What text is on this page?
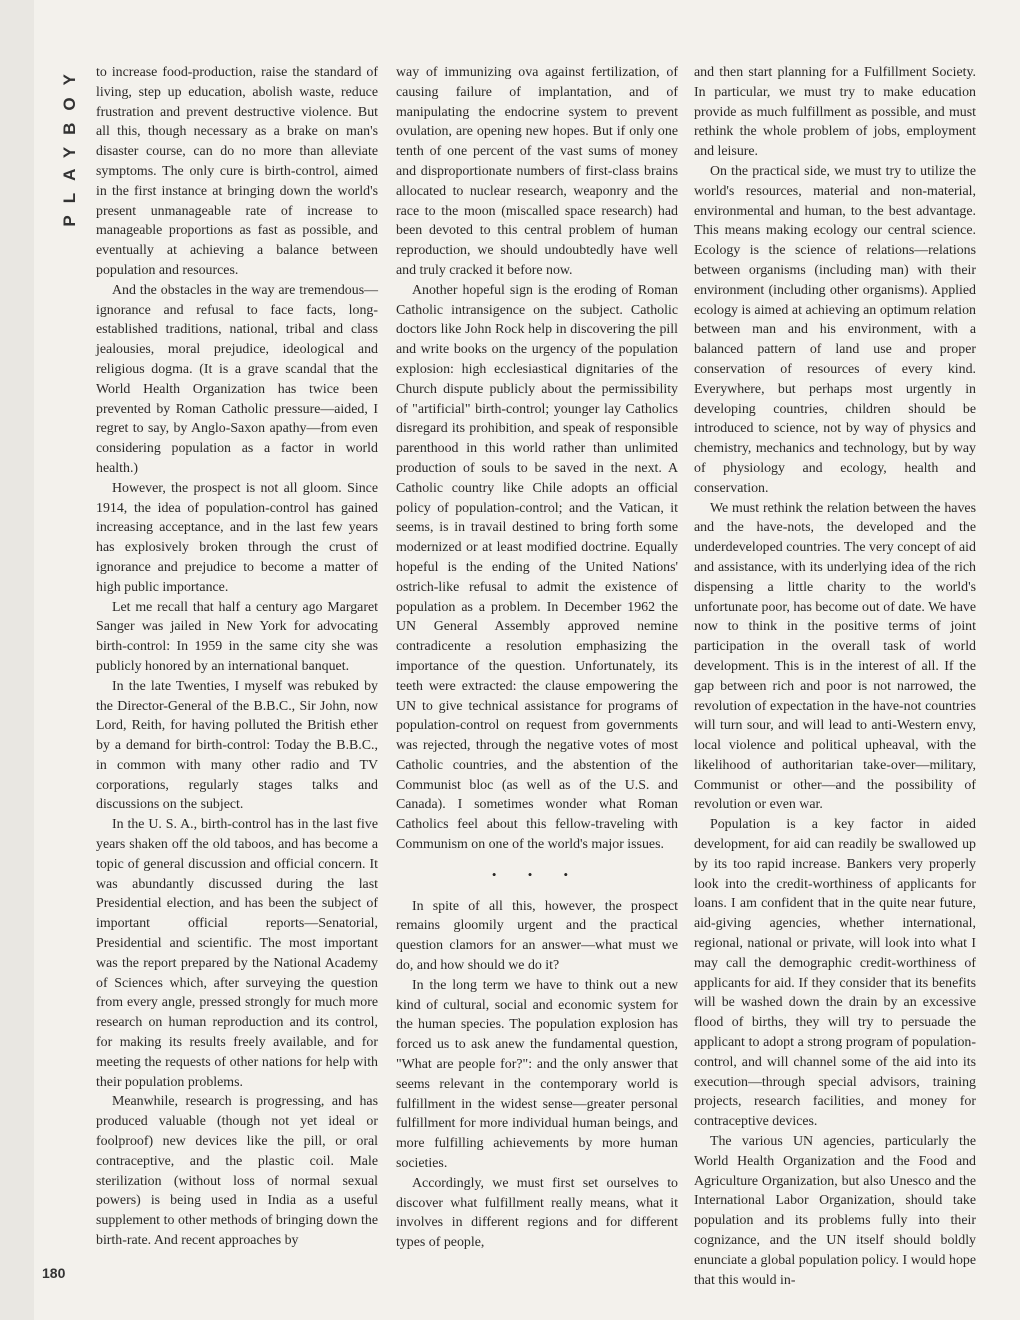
PLAYBOY to increase food-production, raise the standard of living, step up education, abolish waste, reduce frustration and prevent destructive violence. But all this, though necessary as a brake on man's disaster course, can do no more than alleviate symptoms. The only cure is birth-control, aimed in the first instance at bringing down the world's present unmanageable rate of increase to manageable proportions as fast as possible, and eventually at achieving a balance between population and resources.

And the obstacles in the way are tremendous—ignorance and refusal to face facts, long-established traditions, national, tribal and class jealousies, moral prejudice, ideological and religious dogma. (It is a grave scandal that the World Health Organization has twice been prevented by Roman Catholic pressure—aided, I regret to say, by Anglo-Saxon apathy—from even considering population as a factor in world health.)

However, the prospect is not all gloom. Since 1914, the idea of population-control has gained increasing acceptance, and in the last few years has explosively broken through the crust of ignorance and prejudice to become a matter of high public importance.

Let me recall that half a century ago Margaret Sanger was jailed in New York for advocating birth-control: In 1959 in the same city she was publicly honored by an international banquet.

In the late Twenties, I myself was rebuked by the Director-General of the B.B.C., Sir John, now Lord, Reith, for having polluted the British ether by a demand for birth-control: Today the B.B.C., in common with many other radio and TV corporations, regularly stages talks and discussions on the subject.

In the U. S. A., birth-control has in the last five years shaken off the old taboos, and has become a topic of general discussion and official concern. It was abundantly discussed during the last Presidential election, and has been the subject of important official reports—Senatorial, Presidential and scientific. The most important was the report prepared by the National Academy of Sciences which, after surveying the question from every angle, pressed strongly for much more research on human reproduction and its control, for making its results freely available, and for meeting the requests of other nations for help with their population problems.

Meanwhile, research is progressing, and has produced valuable (though not yet ideal or foolproof) new devices like the pill, or oral contraceptive, and the plastic coil. Male sterilization (without loss of normal sexual powers) is being used in India as a useful supplement to other methods of bringing down the birth-rate. And recent approaches by

way of immunizing ova against fertilization, of causing failure of implantation, and of manipulating the endocrine system to prevent ovulation, are opening new hopes. But if only one tenth of one percent of the vast sums of money and disproportionate numbers of first-class brains allocated to nuclear research, weaponry and the race to the moon (miscalled space research) had been devoted to this central problem of human reproduction, we should undoubtedly have well and truly cracked it before now.

Another hopeful sign is the eroding of Roman Catholic intransigence on the subject. Catholic doctors like John Rock help in discovering the pill and write books on the urgency of the population explosion: high ecclesiastical dignitaries of the Church dispute publicly about the permissibility of "artificial" birth-control; younger lay Catholics disregard its prohibition, and speak of responsible parenthood in this world rather than unlimited production of souls to be saved in the next. A Catholic country like Chile adopts an official policy of population-control; and the Vatican, it seems, is in travail destined to bring forth some modernized or at least modified doctrine. Equally hopeful is the ending of the United Nations' ostrich-like refusal to admit the existence of population as a problem. In December 1962 the UN General Assembly approved nemine contradicente a resolution emphasizing the importance of the question. Unfortunately, its teeth were extracted: the clause empowering the UN to give technical assistance for programs of population-control on request from governments was rejected, through the negative votes of most Catholic countries, and the abstention of the Communist bloc (as well as of the U.S. and Canada). I sometimes wonder what Roman Catholics feel about this fellow-traveling with Communism on one of the world's major issues.

• • •

In spite of all this, however, the prospect remains gloomily urgent and the practical question clamors for an answer—what must we do, and how should we do it?

In the long term we have to think out a new kind of cultural, social and economic system for the human species. The population explosion has forced us to ask anew the fundamental question, "What are people for?": and the only answer that seems relevant in the contemporary world is fulfillment in the widest sense—greater personal fulfillment for more individual human beings, and more fulfilling achievements by more human societies.

Accordingly, we must first set ourselves to discover what fulfillment really means, what it involves in different regions and for different types of people,

and then start planning for a Fulfillment Society. In particular, we must try to make education provide as much fulfillment as possible, and must rethink the whole problem of jobs, employment and leisure.

On the practical side, we must try to utilize the world's resources, material and non-material, environmental and human, to the best advantage. This means making ecology our central science. Ecology is the science of relations—relations between organisms (including man) with their environment (including other organisms). Applied ecology is aimed at achieving an optimum relation between man and his environment, with a balanced pattern of land use and proper conservation of resources of every kind. Everywhere, but perhaps most urgently in developing countries, children should be introduced to science, not by way of physics and chemistry, mechanics and technology, but by way of physiology and ecology, health and conservation.

We must rethink the relation between the haves and the have-nots, the developed and the underdeveloped countries. The very concept of aid and assistance, with its underlying idea of the rich dispensing a little charity to the world's unfortunate poor, has become out of date. We have now to think in the positive terms of joint participation in the overall task of world development. This is in the interest of all. If the gap between rich and poor is not narrowed, the revolution of expectation in the have-not countries will turn sour, and will lead to anti-Western envy, local violence and political upheaval, with the likelihood of authoritarian take-over—military, Communist or other—and the possibility of revolution or even war.

Population is a key factor in aided development, for aid can readily be swallowed up by its too rapid increase. Bankers very properly look into the credit-worthiness of applicants for loans. I am confident that in the quite near future, aid-giving agencies, whether international, regional, national or private, will look into what I may call the demographic credit-worthiness of applicants for aid. If they consider that its benefits will be washed down the drain by an excessive flood of births, they will try to persuade the applicant to adopt a strong program of population-control, and will channel some of the aid into its execution—through special advisors, training projects, research facilities, and money for contraceptive devices.

The various UN agencies, particularly the World Health Organization and the Food and Agriculture Organization, but also Unesco and the International Labor Organization, should take population and its problems fully into their cognizance, and the UN itself should boldly enunciate a global population policy. I would hope that this would in-

180
